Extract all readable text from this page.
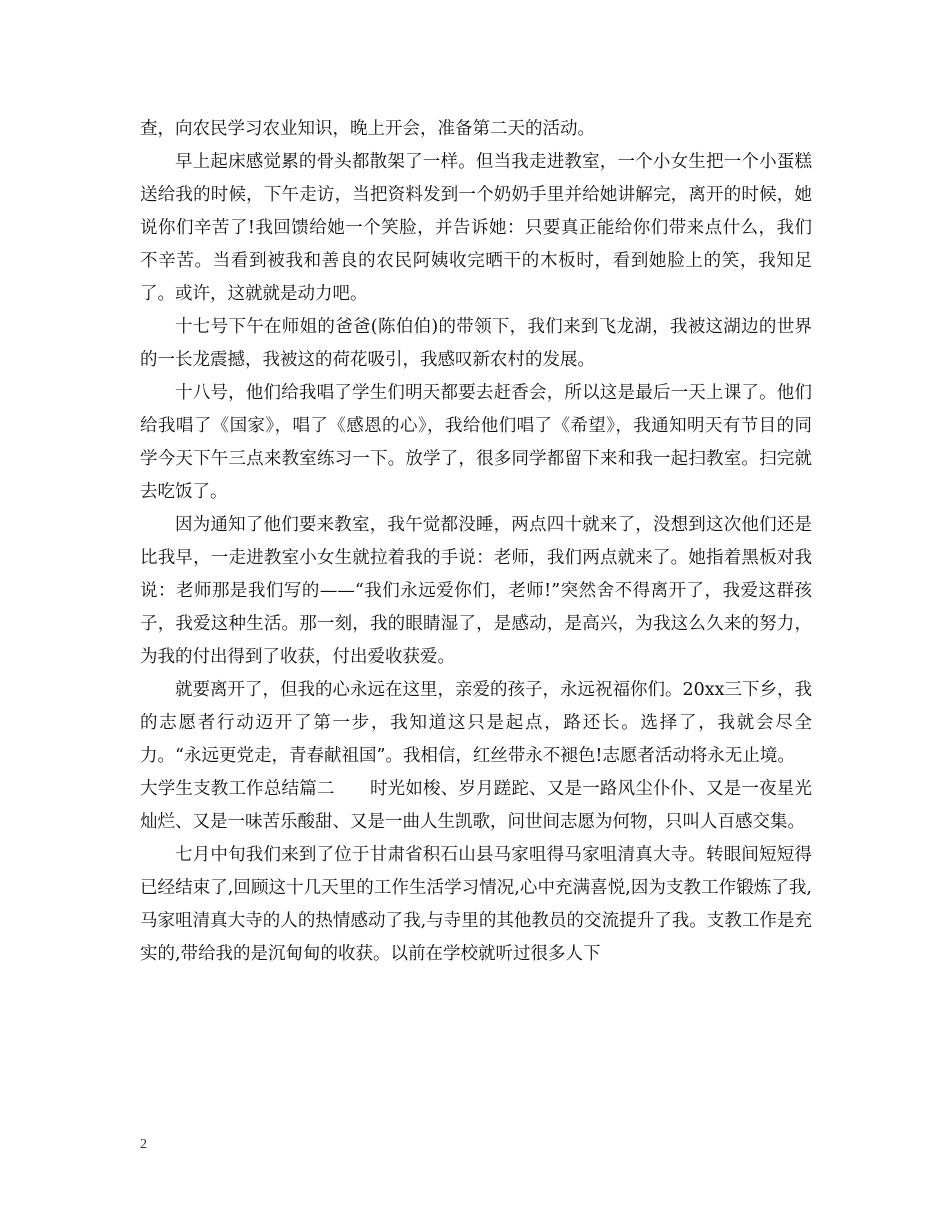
查，向农民学习农业知识，晚上开会，准备第二天的活动。

早上起床感觉累的骨头都散架了一样。但当我走进教室，一个小女生把一个小蛋糕送给我的时候，下午走访，当把资料发到一个奶奶手里并给她讲解完，离开的时候，她说你们辛苦了!我回馈给她一个笑脸，并告诉她：只要真正能给你们带来点什么，我们不辛苦。当看到被我和善良的农民阿姨收完晒干的木板时，看到她脸上的笑，我知足了。或许，这就就是动力吧。

十七号下午在师姐的爸爸(陈伯伯)的带领下，我们来到飞龙湖，我被这湖边的世界的一长龙震撼，我被这的荷花吸引，我感叹新农村的发展。

十八号，他们给我唱了学生们明天都要去赶香会，所以这是最后一天上课了。他们给我唱了《国家》，唱了《感恩的心》，我给他们唱了《希望》，我通知明天有节目的同学今天下午三点来教室练习一下。放学了，很多同学都留下来和我一起扫教室。扫完就去吃饭了。

因为通知了他们要来教室，我午觉都没睡，两点四十就来了，没想到这次他们还是比我早，一走进教室小女生就拉着我的手说：老师，我们两点就来了。她指着黑板对我说：老师那是我们写的——“我们永远爱你们，老师!”突然舍不得离开了，我爱这群孩子，我爱这种生活。那一刻，我的眼睛湿了，是感动，是高兴，为我这么久来的努力，为我的付出得到了收获，付出爱收获爱。

就要离开了，但我的心永远在这里，亲爱的孩子，永远祝福你们。20xx三下乡，我的志愿者行动迈开了第一步，我知道这只是起点，路还长。选择了，我就会尽全力。“永远更党走，青春献祖国”。我相信，红丝带永不褪色!志愿者活动将永无止境。

大学生支教工作总结篇二　　时光如梭、岁月蹉跎、又是一路风尘仆仆、又是一夜星光灿烂、又是一味苦乐酸甜、又是一曲人生凯歌，问世间志愿为何物，只叫人百感交集。

七月中旬我们来到了位于甘肃省积石山县马家咀得马家咀清真大寺。转眼间短短得已经结束了,回顾这十几天里的工作生活学习情况,心中充满喜悦,因为支教工作锻炼了我, 马家咀清真大寺的人的热情感动了我,与寺里的其他教员的交流提升了我。支教工作是充实的,带给我的是沉甸甸的收获。以前在学校就听过很多人下

2
